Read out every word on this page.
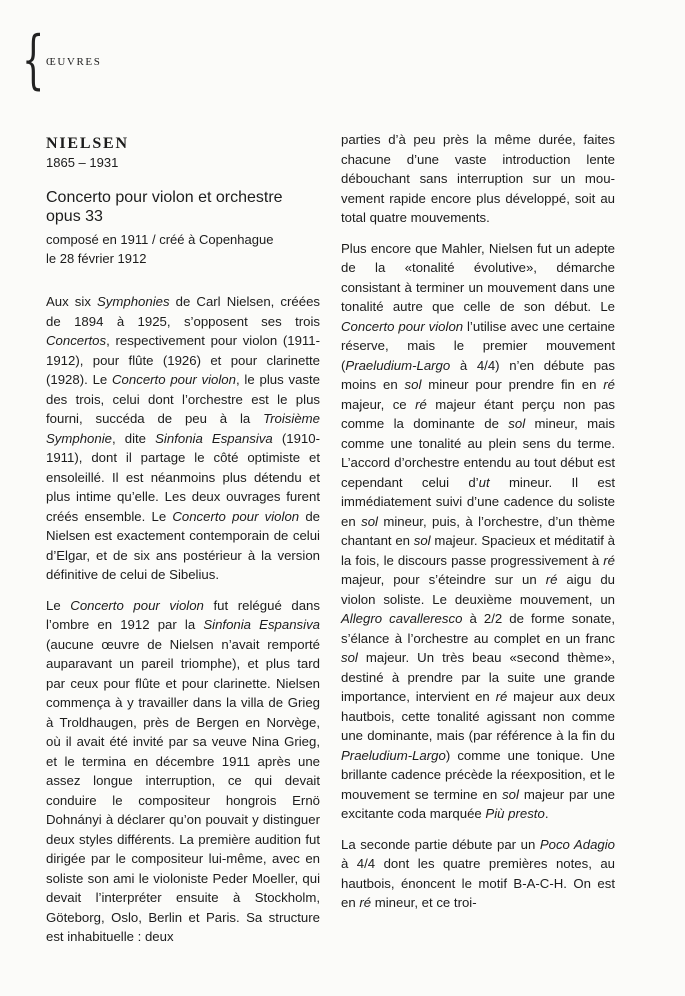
{ ŒUVRES
NIELSEN
1865 – 1931
Concerto pour violon et orchestre
opus 33
composé en 1911 / créé à Copenhague
le 28 février 1912

Aux six Symphonies de Carl Nielsen, créées de 1894 à 1925, s’opposent ses trois Concertos, respectivement pour violon (1911-1912), pour flûte (1926) et pour clarinette (1928). Le Concerto pour violon, le plus vaste des trois, celui dont l’orchestre est le plus fourni, succéda de peu à la Troisième Symphonie, dite Sinfonia Espansiva (1910-1911), dont il partage le côté optimiste et ensoleillé. Il est néanmoins plus détendu et plus intime qu’elle. Les deux ouvrages furent créés ensemble. Le Concerto pour violon de Nielsen est exactement contemporain de celui d’Elgar, et de six ans postérieur à la version définitive de celui de Sibelius.

Le Concerto pour violon fut relégué dans l’ombre en 1912 par la Sinfonia Espansiva (aucune œuvre de Nielsen n’avait remporté auparavant un pareil triomphe), et plus tard par ceux pour flûte et pour clarinette. Nielsen commença à y travailler dans la villa de Grieg à Troldhaugen, près de Bergen en Norvège, où il avait été invité par sa veuve Nina Grieg, et le termina en décembre 1911 après une assez longue interruption, ce qui devait conduire le compositeur hongrois Ernö Dohnányi à déclarer qu’on pouvait y distinguer deux styles différents. La première audition fut dirigée par le compositeur lui-même, avec en soliste son ami le violoniste Peder Moeller, qui devait l’interpréter ensuite à Stockholm, Göteborg, Oslo, Berlin et Paris. Sa structure est inhabituelle : deux

parties d’à peu près la même durée, faites chacune d’une vaste introduction lente débouchant sans interruption sur un mouvement rapide encore plus développé, soit au total quatre mouvements.

Plus encore que Mahler, Nielsen fut un adepte de la «tonalité évolutive», démarche consistant à terminer un mouvement dans une tonalité autre que celle de son début. Le Concerto pour violon l’utilise avec une certaine réserve, mais le premier mouvement (Praeludium-Largo à 4/4) n’en débute pas moins en sol mineur pour prendre fin en ré majeur, ce ré majeur étant perçu non pas comme la dominante de sol mineur, mais comme une tonalité au plein sens du terme. L’accord d’orchestre entendu au tout début est cependant celui d’ut mineur. Il est immédiatement suivi d’une cadence du soliste en sol mineur, puis, à l’orchestre, d’un thème chantant en sol majeur. Spacieux et méditatif à la fois, le discours passe progressivement à ré majeur, pour s’éteindre sur un ré aigu du violon soliste. Le deuxième mouvement, un Allegro cavalleresco à 2/2 de forme sonate, s’élance à l’orchestre au complet en un franc sol majeur. Un très beau «second thème», destiné à prendre par la suite une grande importance, intervient en ré majeur aux deux hautbois, cette tonalité agissant non comme une dominante, mais (par référence à la fin du Praeludium-Largo) comme une tonique. Une brillante cadence précède la réexposition, et le mouvement se termine en sol majeur par une excitante coda marquée Più presto.

La seconde partie débute par un Poco Adagio à 4/4 dont les quatre premières notes, au hautbois, énoncent le motif B-A-C-H. On est en ré mineur, et ce troi-
